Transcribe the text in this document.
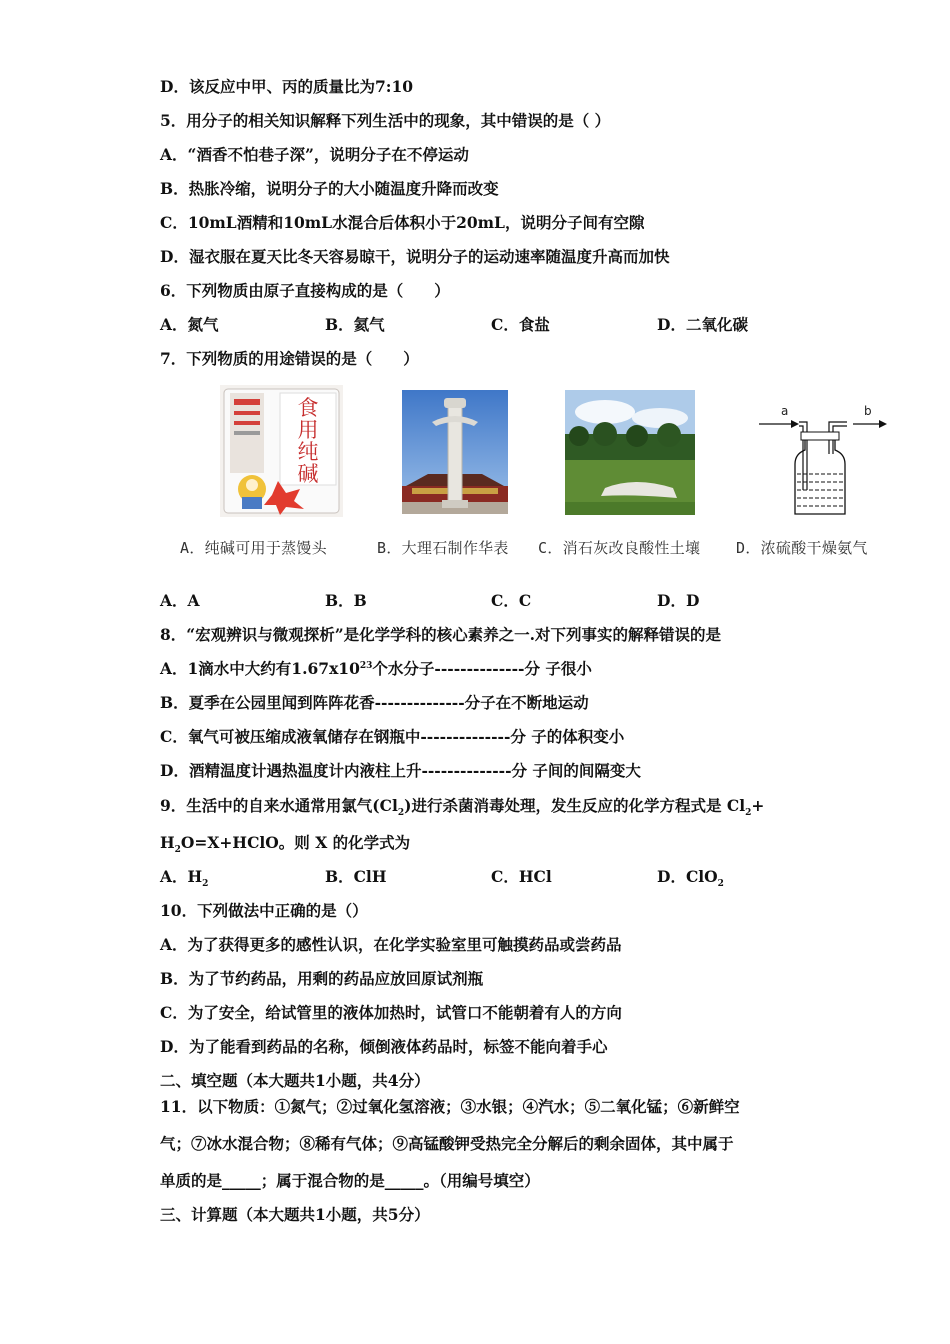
D．该反应中甲、丙的质量比为7:10
5．用分子的相关知识解释下列生活中的现象，其中错误的是（ ）
A．“酒香不怕巷子深”，说明分子在不停运动
B．热胀冷缩，说明分子的大小随温度升降而改变
C．10mL酒精和10mL水混合后体积小于20mL，说明分子间有空隙
D．湿衣服在夏天比冬天容易晾干，说明分子的运动速率随温度升高而加快
6．下列物质由原子直接构成的是（　　）
A．氮气	B．氦气	C．食盐	D．二氧化碳
7．下列物质的用途错误的是（　　）
食
用
纯
碱
a	b
A．纯碱可用于蒸馒头	B．大理石制作华表 C．消石灰改良酸性土壤 D．浓硫酸干燥氨气
A．A	B．B	C．C	D．D
8．“宏观辨识与微观探析”是化学学科的核心素养之一.对下列事实的解释错误的是
A．1滴水中大约有$1.67x10^{23}$个水分子--------------分 子很小
B．夏季在公园里闻到阵阵花香--------------分子在不断地运动
C．氧气可被压缩成液氧储存在钢瓶中--------------分 子的体积变小
D．酒精温度计遇热温度计内液柱上升--------------分 子间的间隔变大
9．生活中的自来水通常用氯气$(Cl_2)$进行杀菌消毒处理，发生反应的化学方程式是 $Cl_2+$
$H_2O=X+HClO$。则 X 的化学式为
A．$H_2$	B．ClH	C．HCl	D．ClO$_2$
10．下列做法中正确的是（）
A．为了获得更多的感性认识，在化学实验室里可触摸药品或尝药品
B．为了节约药品，用剩的药品应放回原试剂瓶
C．为了安全，给试管里的液体加热时，试管口不能朝着有人的方向
D．为了能看到药品的名称，倾倒液体药品时，标签不能向着手心
二、填空题（本大题共1小题，共4分）
11．以下物质：①氮气；②过氧化氢溶液；③水银；④汽水；⑤二氧化锰；⑥新鲜空
气；⑦冰水混合物；⑧稀有气体；⑨高锰酸钾受热完全分解后的剩余固体，其中属于
单质的是_____；属于混合物的是_____。（用编号填空）
三、计算题（本大题共1小题，共5分）
